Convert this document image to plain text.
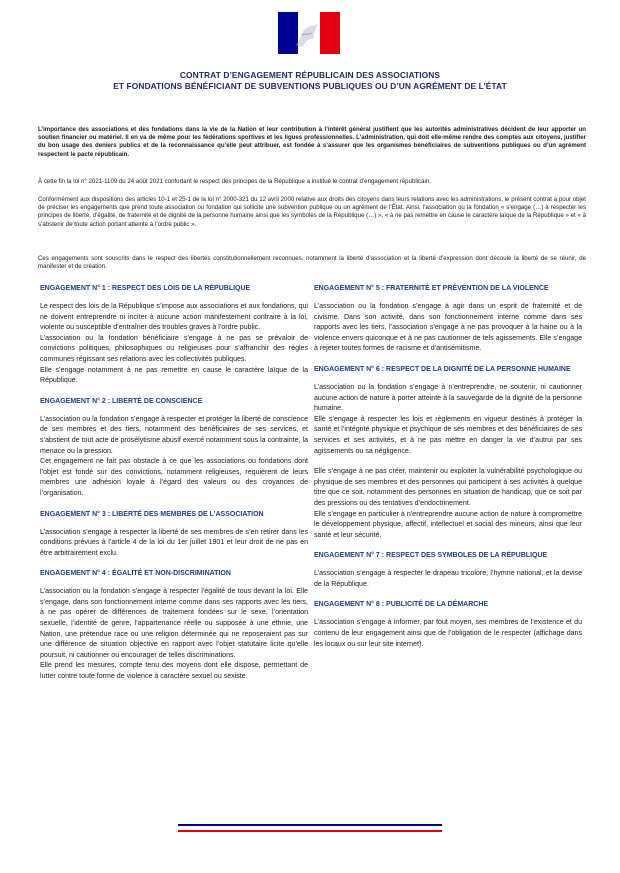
CONTRAT D’ENGAGEMENT RÉPUBLICAIN DES ASSOCIATIONS
ET FONDATIONS BÉNÉFICIANT DE SUBVENTIONS PUBLIQUES OU D’UN AGRÉMENT DE L’ÉTAT

L’importance des associations et des fondations dans la vie de la Nation et leur contribution à l’intérêt général justifient que les autorités administratives décident de leur apporter un soutien financier ou matériel. Il en va de même pour les fédérations sportives et les ligues professionnelles. L’administration, qui doit elle-même rendre des comptes aux citoyens, justifier du bon usage des deniers publics et de la reconnaissance qu’elle peut attribuer, est fondée à s’assurer que les organismes bénéficiaires de subventions publiques ou d’un agrément respectent le pacte républicain.

À cette fin la loi n° 2021-1109 du 24 août 2021 confortant le respect des principes de la République a institué le contrat d’engagement républicain.

Conformément aux dispositions des articles 10-1 et 25-1 de la loi n° 2000-321 du 12 avril 2000 relative aux droits des citoyens dans leurs relations avec les administrations, le présent contrat a pour objet de préciser les engagements que prend toute association ou fondation qui sollicite une subvention publique ou un agrément de l’État. Ainsi, l’association ou la fondation « s’engage (…) à respecter les principes de liberté, d’égalité, de fraternité et de dignité de la personne humaine ainsi que les symboles de la République (…) », « à ne pas remettre en cause le caractère laïque de la République » et « à s’abstenir de toute action portant atteinte à l’ordre public ».

Ces engagements sont souscrits dans le respect des libertés constitutionnellement reconnues, notamment la liberté d’association et la liberté d’expression dont découle la liberté de se réunir, de manifester et de création.

ENGAGEMENT N° 1 : RESPECT DES LOIS DE LA RÉPUBLIQUE

Le respect des lois de la République s’impose aux associations et aux fondations, qui ne doivent entreprendre ni inciter à aucune action manifestement contraire à la loi, violente ou susceptible d’entraîner des troubles graves à l’ordre public.

L’association ou la fondation bénéficiaire s’engage à ne pas se prévaloir de convictions politiques, philosophiques ou religieuses pour s’affranchir des règles communes régissant ses relations avec les collectivités publiques.

Elle s’engage notamment à ne pas remettre en cause le caractère laïque de la République.

ENGAGEMENT N° 2 : LIBERTÉ DE CONSCIENCE

L’association ou la fondation s’engage à respecter et protéger la liberté de conscience de ses membres et des tiers, notamment des bénéficiaires de ses services, et s’abstient de tout acte de prosélytisme abusif exercé notamment sous la contrainte, la menace ou la pression.

Cet engagement ne fait pas obstacle à ce que les associations ou fondations dont l’objet est fondé sur des convictions, notamment religieuses, requièrent de leurs membres une adhésion loyale à l’égard des valeurs ou des croyances de l’organisation.

ENGAGEMENT N° 3 : LIBERTÉ DES MEMBRES DE L’ASSOCIATION

L’association s’engage à respecter la liberté de ses membres de s’en retirer dans les conditions prévues à l’article 4 de la loi du 1er juillet 1901 et leur droit de ne pas en être arbitrairement exclu.

ENGAGEMENT N° 4 : ÉGALITÉ ET NON-DISCRIMINATION

L’association ou la fondation s’engage à respecter l’égalité de tous devant la loi. Elle s’engage, dans son fonctionnement interne comme dans ses rapports avec les tiers, à ne pas opérer de différences de traitement fondées sur le sexe, l’orientation sexuelle, l’identité de genre, l’appartenance réelle ou supposée à une ethnie, une Nation, une prétendue race ou une religion déterminée qui ne reposeraient pas sur une différence de situation objective en rapport avec l’objet statutaire licite qu’elle poursuit, ni cautionner ou encourager de telles discriminations.

Elle prend les mesures, compte tenu des moyens dont elle dispose, permettant de lutter contre toute forme de violence à caractère sexuel ou sexiste.

ENGAGEMENT N° 5 : FRATERNITÉ ET PRÉVENTION DE LA VIOLENCE

L’association ou la fondation s’engage à agir dans un esprit de fraternité et de civisme. Dans son activité, dans son fonctionnement interne comme dans ses rapports avec les tiers, l’association s’engage à ne pas provoquer à la haine ou à la violence envers quiconque et à ne pas cautionner de tels agissements. Elle s’engage à rejeter toutes formes de racisme et d’antisémitisme.

ENGAGEMENT N° 6 : RESPECT DE LA DIGNITÉ DE LA PERSONNE HUMAINE

L’association ou la fondation s’engage à n’entreprendre, ne soutenir, ni cautionner aucune action de nature à porter atteinte à la sauvegarde de la dignité de la personne humaine.

Elle s’engage à respecter les lois et règlements en vigueur destinés à protéger la santé et l’intégrité physique et psychique de ses membres et des bénéficiaires de ses services et ses activités, et à ne pas mettre en danger la vie d’autrui par ses agissements ou sa négligence.

Elle s’engage à ne pas créer, maintenir ou exploiter la vulnérabilité psychologique ou physique de ses membres et des personnes qui participent à ses activités à quelque titre que ce soit, notamment des personnes en situation de handicap, que ce soit par des pressions ou des tentatives d’endoctrinement.

Elle s’engage en particulier à n’entreprendre aucune action de nature à compromettre le développement physique, affectif, intellectuel et social des mineurs, ainsi que leur santé et leur sécurité.

ENGAGEMENT N° 7 : RESPECT DES SYMBOLES DE LA RÉPUBLIQUE

L’association s’engage à respecter le drapeau tricolore, l’hymne national, et la devise de la République.

ENGAGEMENT N° 8 : PUBLICITÉ DE LA DÉMARCHE

L’association s’engage à informer, par tout moyen, ses membres de l’existence et du contenu de leur engagement ainsi que de l’obligation de le respecter (affichage dans les locaux ou sur leur site internet).
